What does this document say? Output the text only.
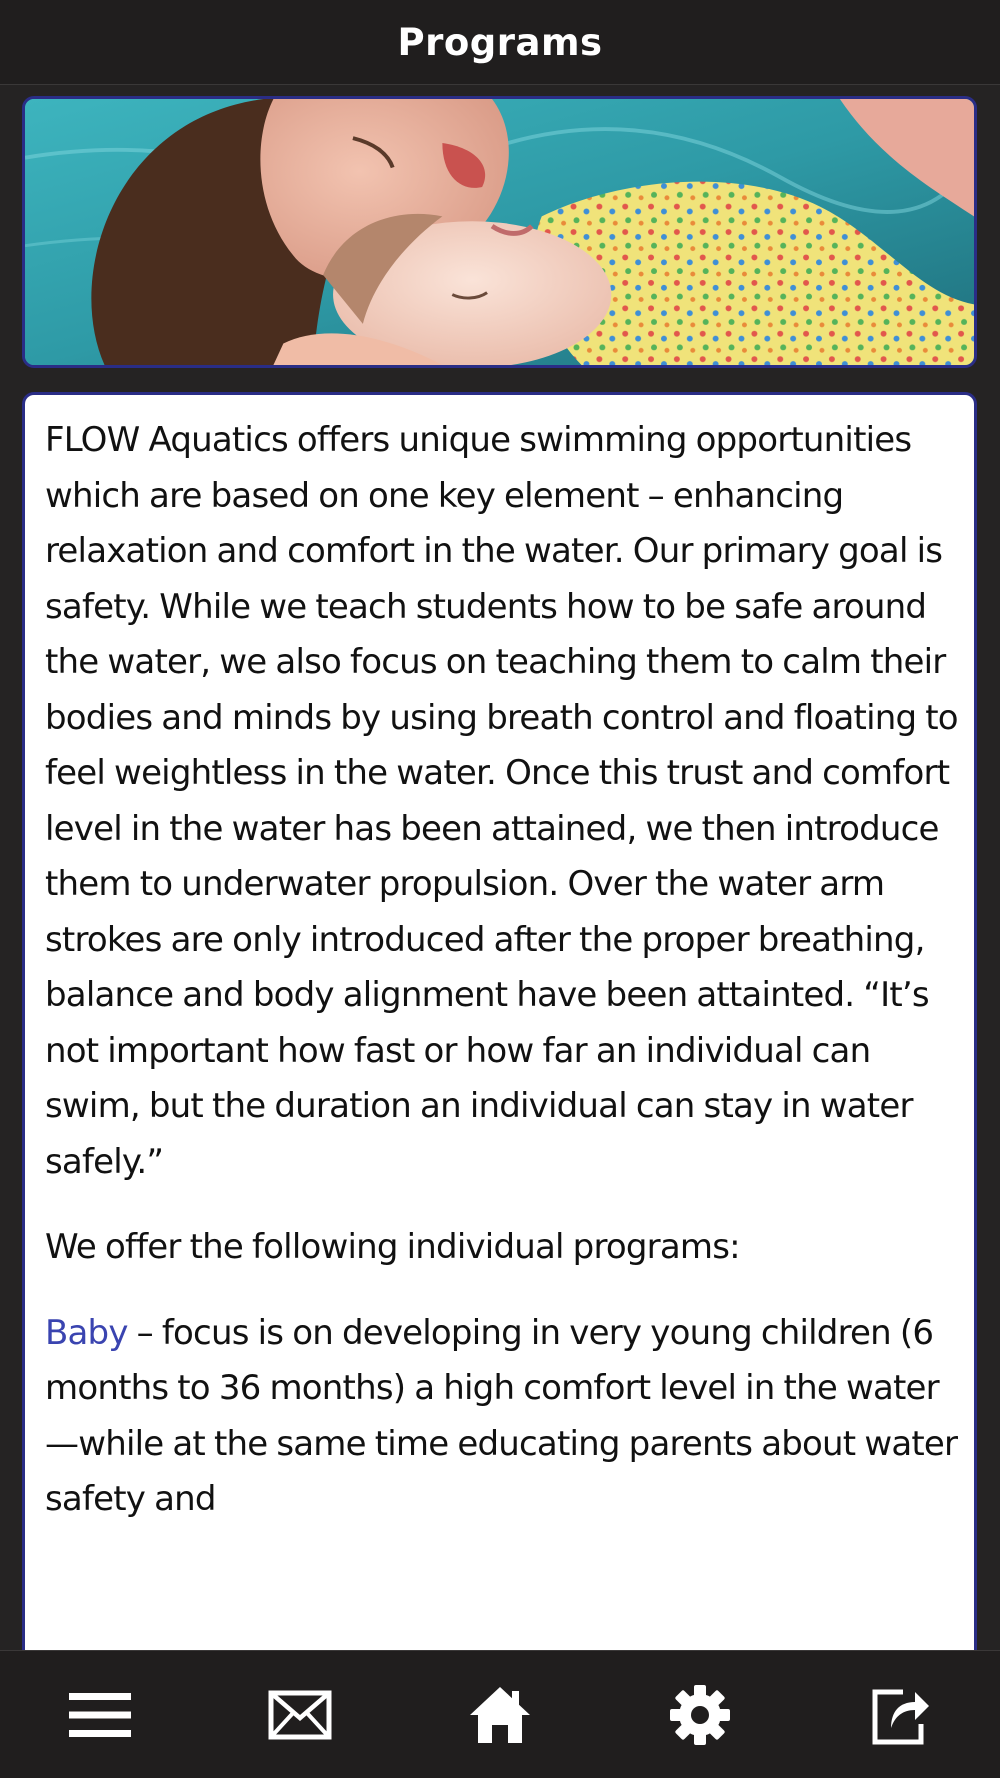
Programs

FLOW Aquatics offers unique swimming opportunities which are based on one key element – enhancing relaxation and comfort in the water. Our primary goal is safety. While we teach students how to be safe around the water, we also focus on teaching them to calm their bodies and minds by using breath control and floating to feel weightless in the water. Once this trust and comfort level in the water has been attained, we then introduce them to underwater propulsion. Over the water arm strokes are only introduced after the proper breathing, balance and body alignment have been attainted. “It’s not important how fast or how far an individual can swim, but the duration an individual can stay in water safely.”

We offer the following individual programs:

Baby – focus is on developing in very young children (6 months to 36 months) a high comfort level in the water—while at the same time educating parents about water safety and
